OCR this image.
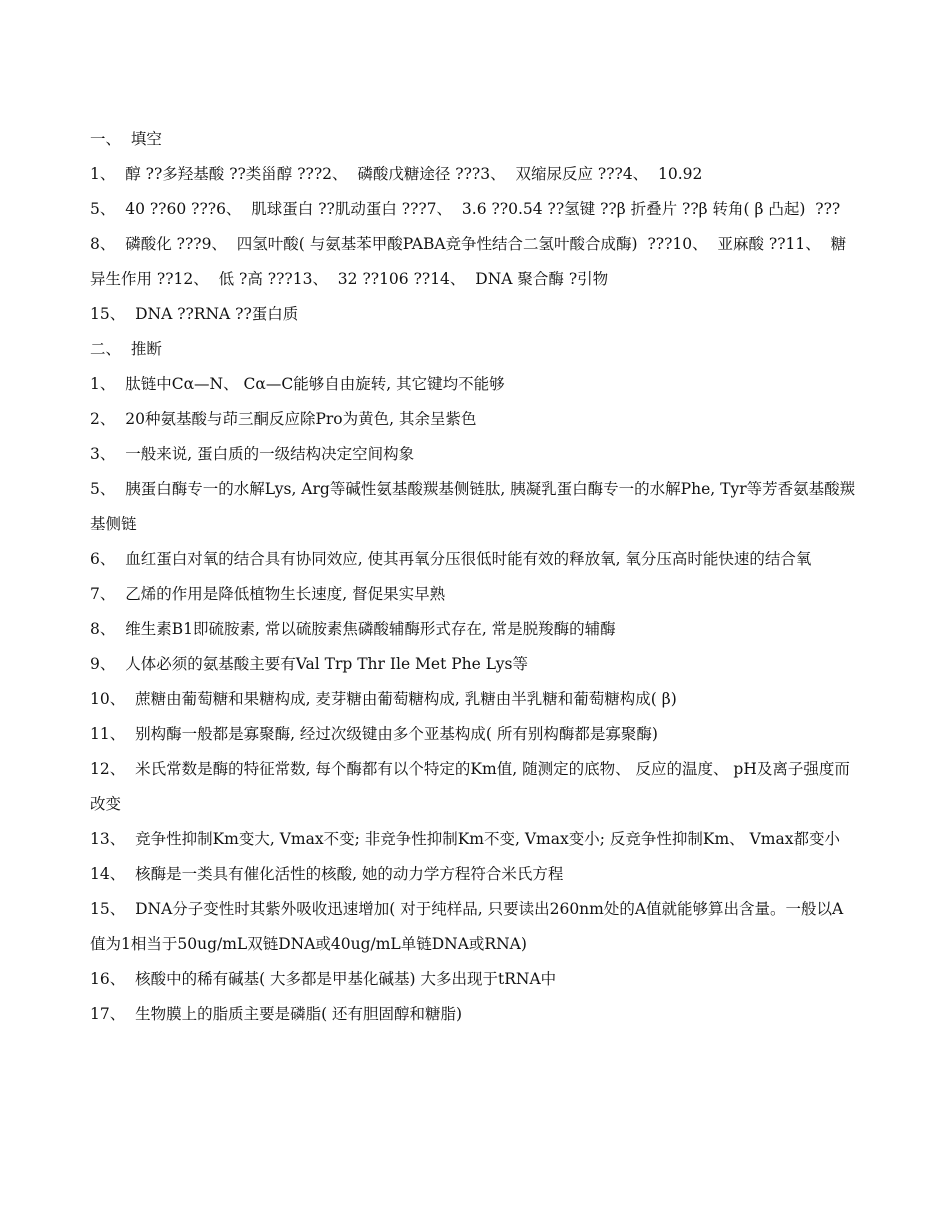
一、  填空

1、  醇 ??多羟基酸 ??类甾醇 ???2、  磷酸戊糖途径 ???3、  双缩尿反应 ???4、  10.92

5、  40 ??60 ???6、  肌球蛋白 ??肌动蛋白 ???7、  3.6 ??0.54 ??氢键 ??β 折叠片 ??β 转角( β 凸起)  ???8、  磷酸化 ???9、  四氢叶酸( 与氨基苯甲酸PABA竞争性结合二氢叶酸合成酶)  ???10、  亚麻酸 ??11、  糖异生作用 ??12、  低 ?高 ???13、  32 ??106 ??14、  DNA 聚合酶 ?引物

15、  DNA ??RNA ??蛋白质

二、  推断

1、  肽链中Cα—N、 Cα—C能够自由旋转, 其它键均不能够

2、  20种氨基酸与茚三酮反应除Pro为黄色, 其余呈紫色

3、  一般来说, 蛋白质的一级结构决定空间构象

5、  胰蛋白酶专一的水解Lys, Arg等碱性氨基酸羰基侧链肽, 胰凝乳蛋白酶专一的水解Phe, Tyr等芳香氨基酸羰基侧链

6、  血红蛋白对氧的结合具有协同效应, 使其再氧分压很低时能有效的释放氧, 氧分压高时能快速的结合氧

7、  乙烯的作用是降低植物生长速度, 督促果实早熟

8、  维生素B1即硫胺素, 常以硫胺素焦磷酸辅酶形式存在, 常是脱羧酶的辅酶

9、  人体必须的氨基酸主要有Val Trp Thr Ile Met Phe Lys等

10、  蔗糖由葡萄糖和果糖构成, 麦芽糖由葡萄糖构成, 乳糖由半乳糖和葡萄糖构成( β)

11、  别构酶一般都是寡聚酶, 经过次级键由多个亚基构成( 所有别构酶都是寡聚酶)

12、  米氏常数是酶的特征常数, 每个酶都有以个特定的Km值, 随测定的底物、 反应的温度、 pH及离子强度而改变

13、  竞争性抑制Km变大, Vmax不变; 非竞争性抑制Km不变, Vmax变小; 反竞争性抑制Km、 Vmax都变小

14、  核酶是一类具有催化活性的核酸, 她的动力学方程符合米氏方程

15、  DNA分子变性时其紫外吸收迅速增加( 对于纯样品, 只要读出260nm处的A值就能够算出含量。一般以A值为1相当于50ug/mL双链DNA或40ug/mL单链DNA或RNA)

16、  核酸中的稀有碱基( 大多都是甲基化碱基) 大多出现于tRNA中

17、  生物膜上的脂质主要是磷脂( 还有胆固醇和糖脂)
